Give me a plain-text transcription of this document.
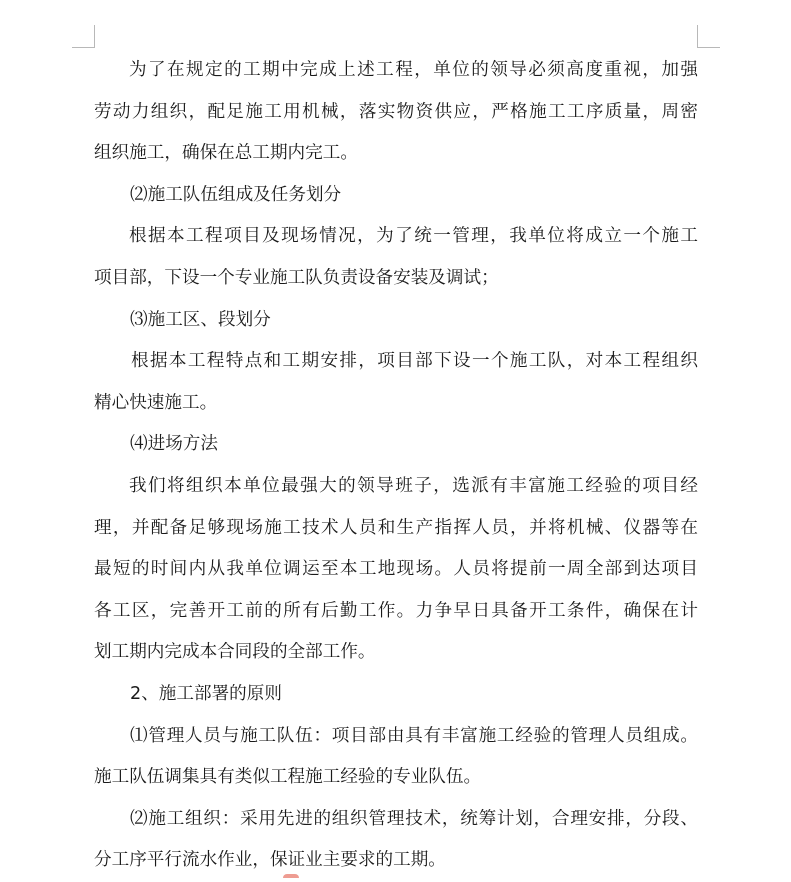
为了在规定的工期中完成上述工程，单位的领导必须高度重视，加强
劳动力组织，配足施工用机械，落实物资供应，严格施工工序质量，周密
组织施工，确保在总工期内完工。
⑵施工队伍组成及任务划分
根据本工程项目及现场情况，为了统一管理，我单位将成立一个施工
项目部，下设一个专业施工队负责设备安装及调试；
⑶施工区、段划分
根据本工程特点和工期安排，项目部下设一个施工队，对本工程组织
精心快速施工。
⑷进场方法
我们将组织本单位最强大的领导班子，选派有丰富施工经验的项目经
理，并配备足够现场施工技术人员和生产指挥人员，并将机械、仪器等在
最短的时间内从我单位调运至本工地现场。人员将提前一周全部到达项目
各工区，完善开工前的所有后勤工作。力争早日具备开工条件，确保在计
划工期内完成本合同段的全部工作。
2、施工部署的原则
⑴管理人员与施工队伍：项目部由具有丰富施工经验的管理人员组成。
施工队伍调集具有类似工程施工经验的专业队伍。
⑵施工组织：采用先进的组织管理技术，统筹计划，合理安排，分段、
分工序平行流水作业，保证业主要求的工期。
